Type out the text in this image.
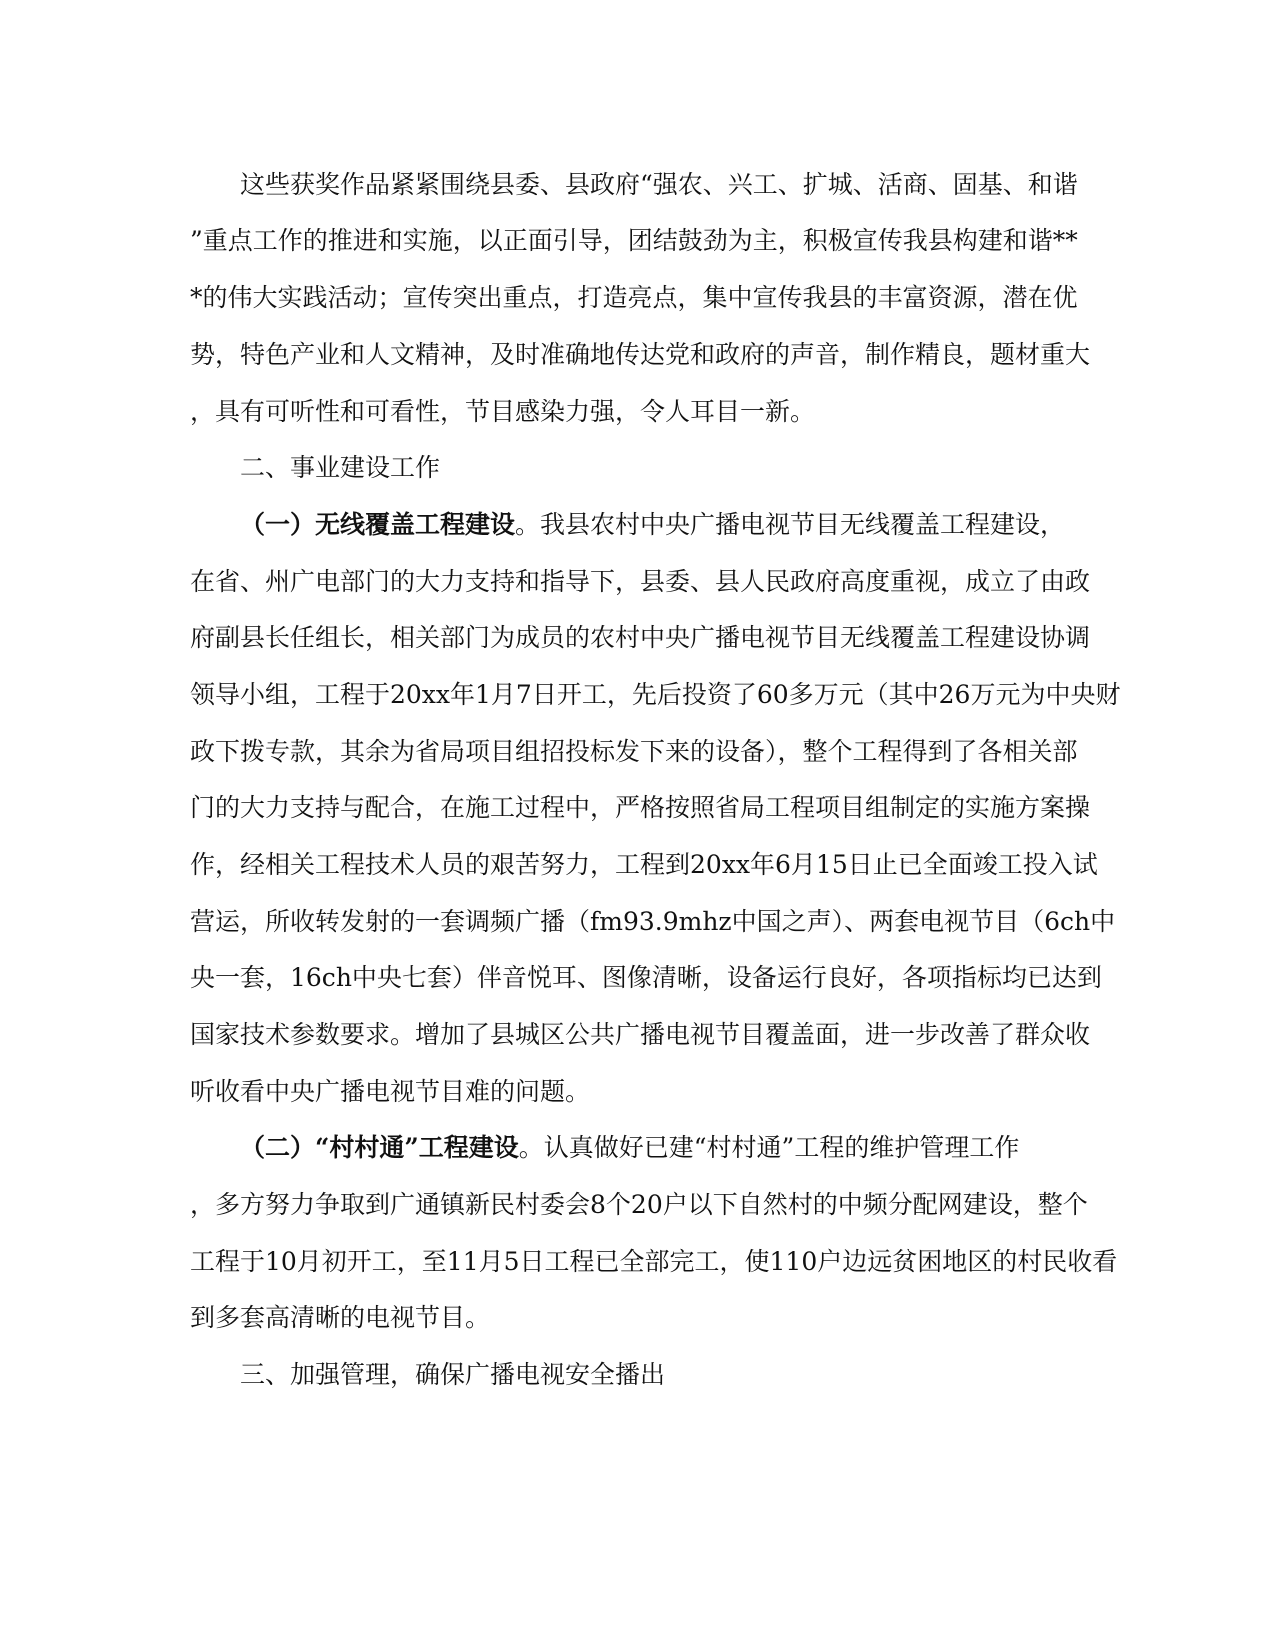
这些获奖作品紧紧围绕县委、县政府“强农、兴工、扩城、活商、固基、和谐
”重点工作的推进和实施，以正面引导，团结鼓劲为主，积极宣传我县构建和谐**
*的伟大实践活动；宣传突出重点，打造亮点，集中宣传我县的丰富资源，潜在优
势，特色产业和人文精神，及时准确地传达党和政府的声音，制作精良，题材重大
，具有可听性和可看性，节目感染力强，令人耳目一新。
二、事业建设工作
（一）无线覆盖工程建设。我县农村中央广播电视节目无线覆盖工程建设，
在省、州广电部门的大力支持和指导下，县委、县人民政府高度重视，成立了由政
府副县长任组长，相关部门为成员的农村中央广播电视节目无线覆盖工程建设协调
领导小组，工程于20xx年1月7日开工，先后投资了60多万元（其中26万元为中央财
政下拨专款，其余为省局项目组招投标发下来的设备），整个工程得到了各相关部
门的大力支持与配合，在施工过程中，严格按照省局工程项目组制定的实施方案操
作，经相关工程技术人员的艰苦努力，工程到20xx年6月15日止已全面竣工投入试
营运，所收转发射的一套调频广播（fm93.9mhz中国之声）、两套电视节目（6ch中
央一套，16ch中央七套）伴音悦耳、图像清晰，设备运行良好，各项指标均已达到
国家技术参数要求。增加了县城区公共广播电视节目覆盖面，进一步改善了群众收
听收看中央广播电视节目难的问题。
（二）“村村通”工程建设。认真做好已建“村村通”工程的维护管理工作
，多方努力争取到广通镇新民村委会8个20户以下自然村的中频分配网建设，整个
工程于10月初开工，至11月5日工程已全部完工，使110户边远贫困地区的村民收看
到多套高清晰的电视节目。
三、加强管理，确保广播电视安全播出
